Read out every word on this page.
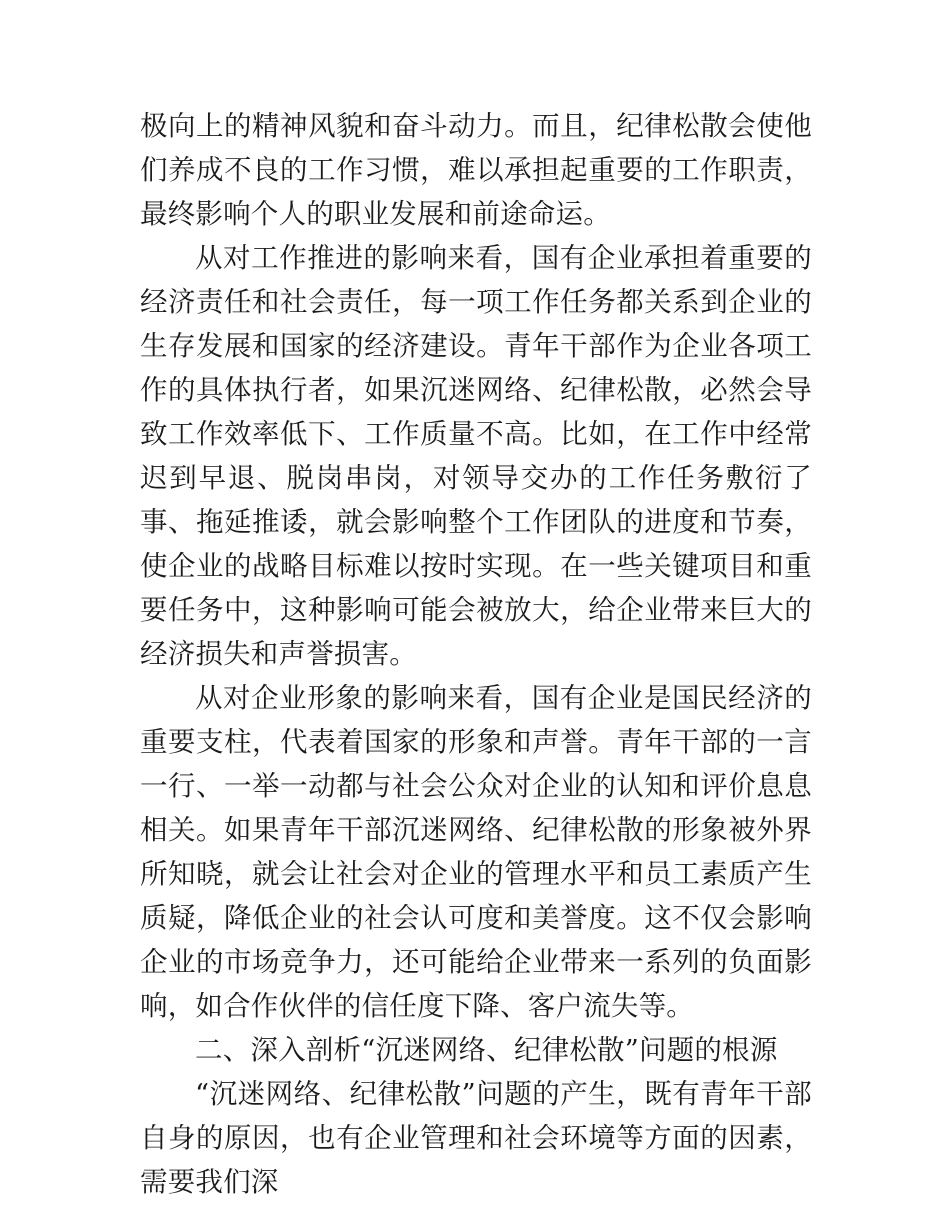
极向上的精神风貌和奋斗动力。而且，纪律松散会使他们养成不良的工作习惯，难以承担起重要的工作职责，最终影响个人的职业发展和前途命运。

从对工作推进的影响来看，国有企业承担着重要的经济责任和社会责任，每一项工作任务都关系到企业的生存发展和国家的经济建设。青年干部作为企业各项工作的具体执行者，如果沉迷网络、纪律松散，必然会导致工作效率低下、工作质量不高。比如，在工作中经常迟到早退、脱岗串岗，对领导交办的工作任务敷衍了事、拖延推诿，就会影响整个工作团队的进度和节奏，使企业的战略目标难以按时实现。在一些关键项目和重要任务中，这种影响可能会被放大，给企业带来巨大的经济损失和声誉损害。

从对企业形象的影响来看，国有企业是国民经济的重要支柱，代表着国家的形象和声誉。青年干部的一言一行、一举一动都与社会公众对企业的认知和评价息息相关。如果青年干部沉迷网络、纪律松散的形象被外界所知晓，就会让社会对企业的管理水平和员工素质产生质疑，降低企业的社会认可度和美誉度。这不仅会影响企业的市场竞争力，还可能给企业带来一系列的负面影响，如合作伙伴的信任度下降、客户流失等。

二、深入剖析“沉迷网络、纪律松散”问题的根源

“沉迷网络、纪律松散”问题的产生，既有青年干部自身的原因，也有企业管理和社会环境等方面的因素，需要我们深
